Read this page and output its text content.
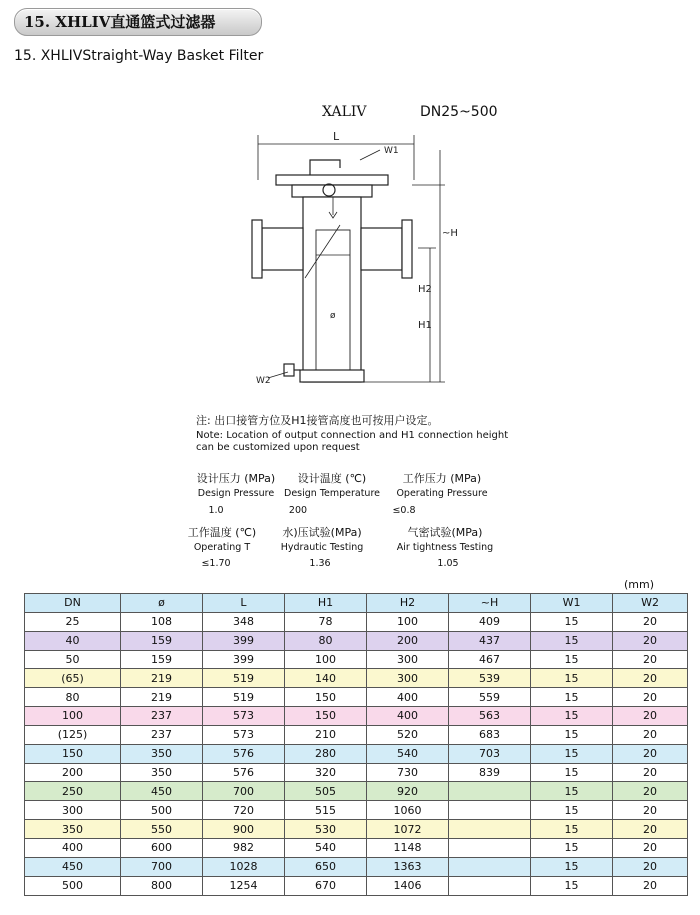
15. XHLIV直通篮式过滤器
15. XHLIVStraight-Way Basket Filter
XALIV	DN25~500
L
W1
ø
W2
~H
H2
H1
注: 出口接管方位及H1接管高度也可按用户设定。
Note: Location of output connection and H1 connection height
can be customized upon request
设计压力 (MPa)
Design Pressure
1.0
设计温度 (℃)
Design Temperature
200
工作压力 (MPa)
Operating Pressure
≤0.8
工作温度 (℃)
Operating T
≤1.70
水)压试验(MPa)
Hydrautic Testing
1.36
气密试验(MPa)
Air tightness Testing
1.05
(mm)
DN	ø	L	H1	H2	~H	W1	W2
25	108	348	78	100	409	15	20
40	159	399	80	200	437	15	20
50	159	399	100	300	467	15	20
(65)	219	519	140	300	539	15	20
80	219	519	150	400	559	15	20
100	237	573	150	400	563	15	20
(125)	237	573	210	520	683	15	20
150	350	576	280	540	703	15	20
200	350	576	320	730	839	15	20
250	450	700	505	920		15	20
300	500	720	515	1060		15	20
350	550	900	530	1072		15	20
400	600	982	540	1148		15	20
450	700	1028	650	1363		15	20
500	800	1254	670	1406		15	20
